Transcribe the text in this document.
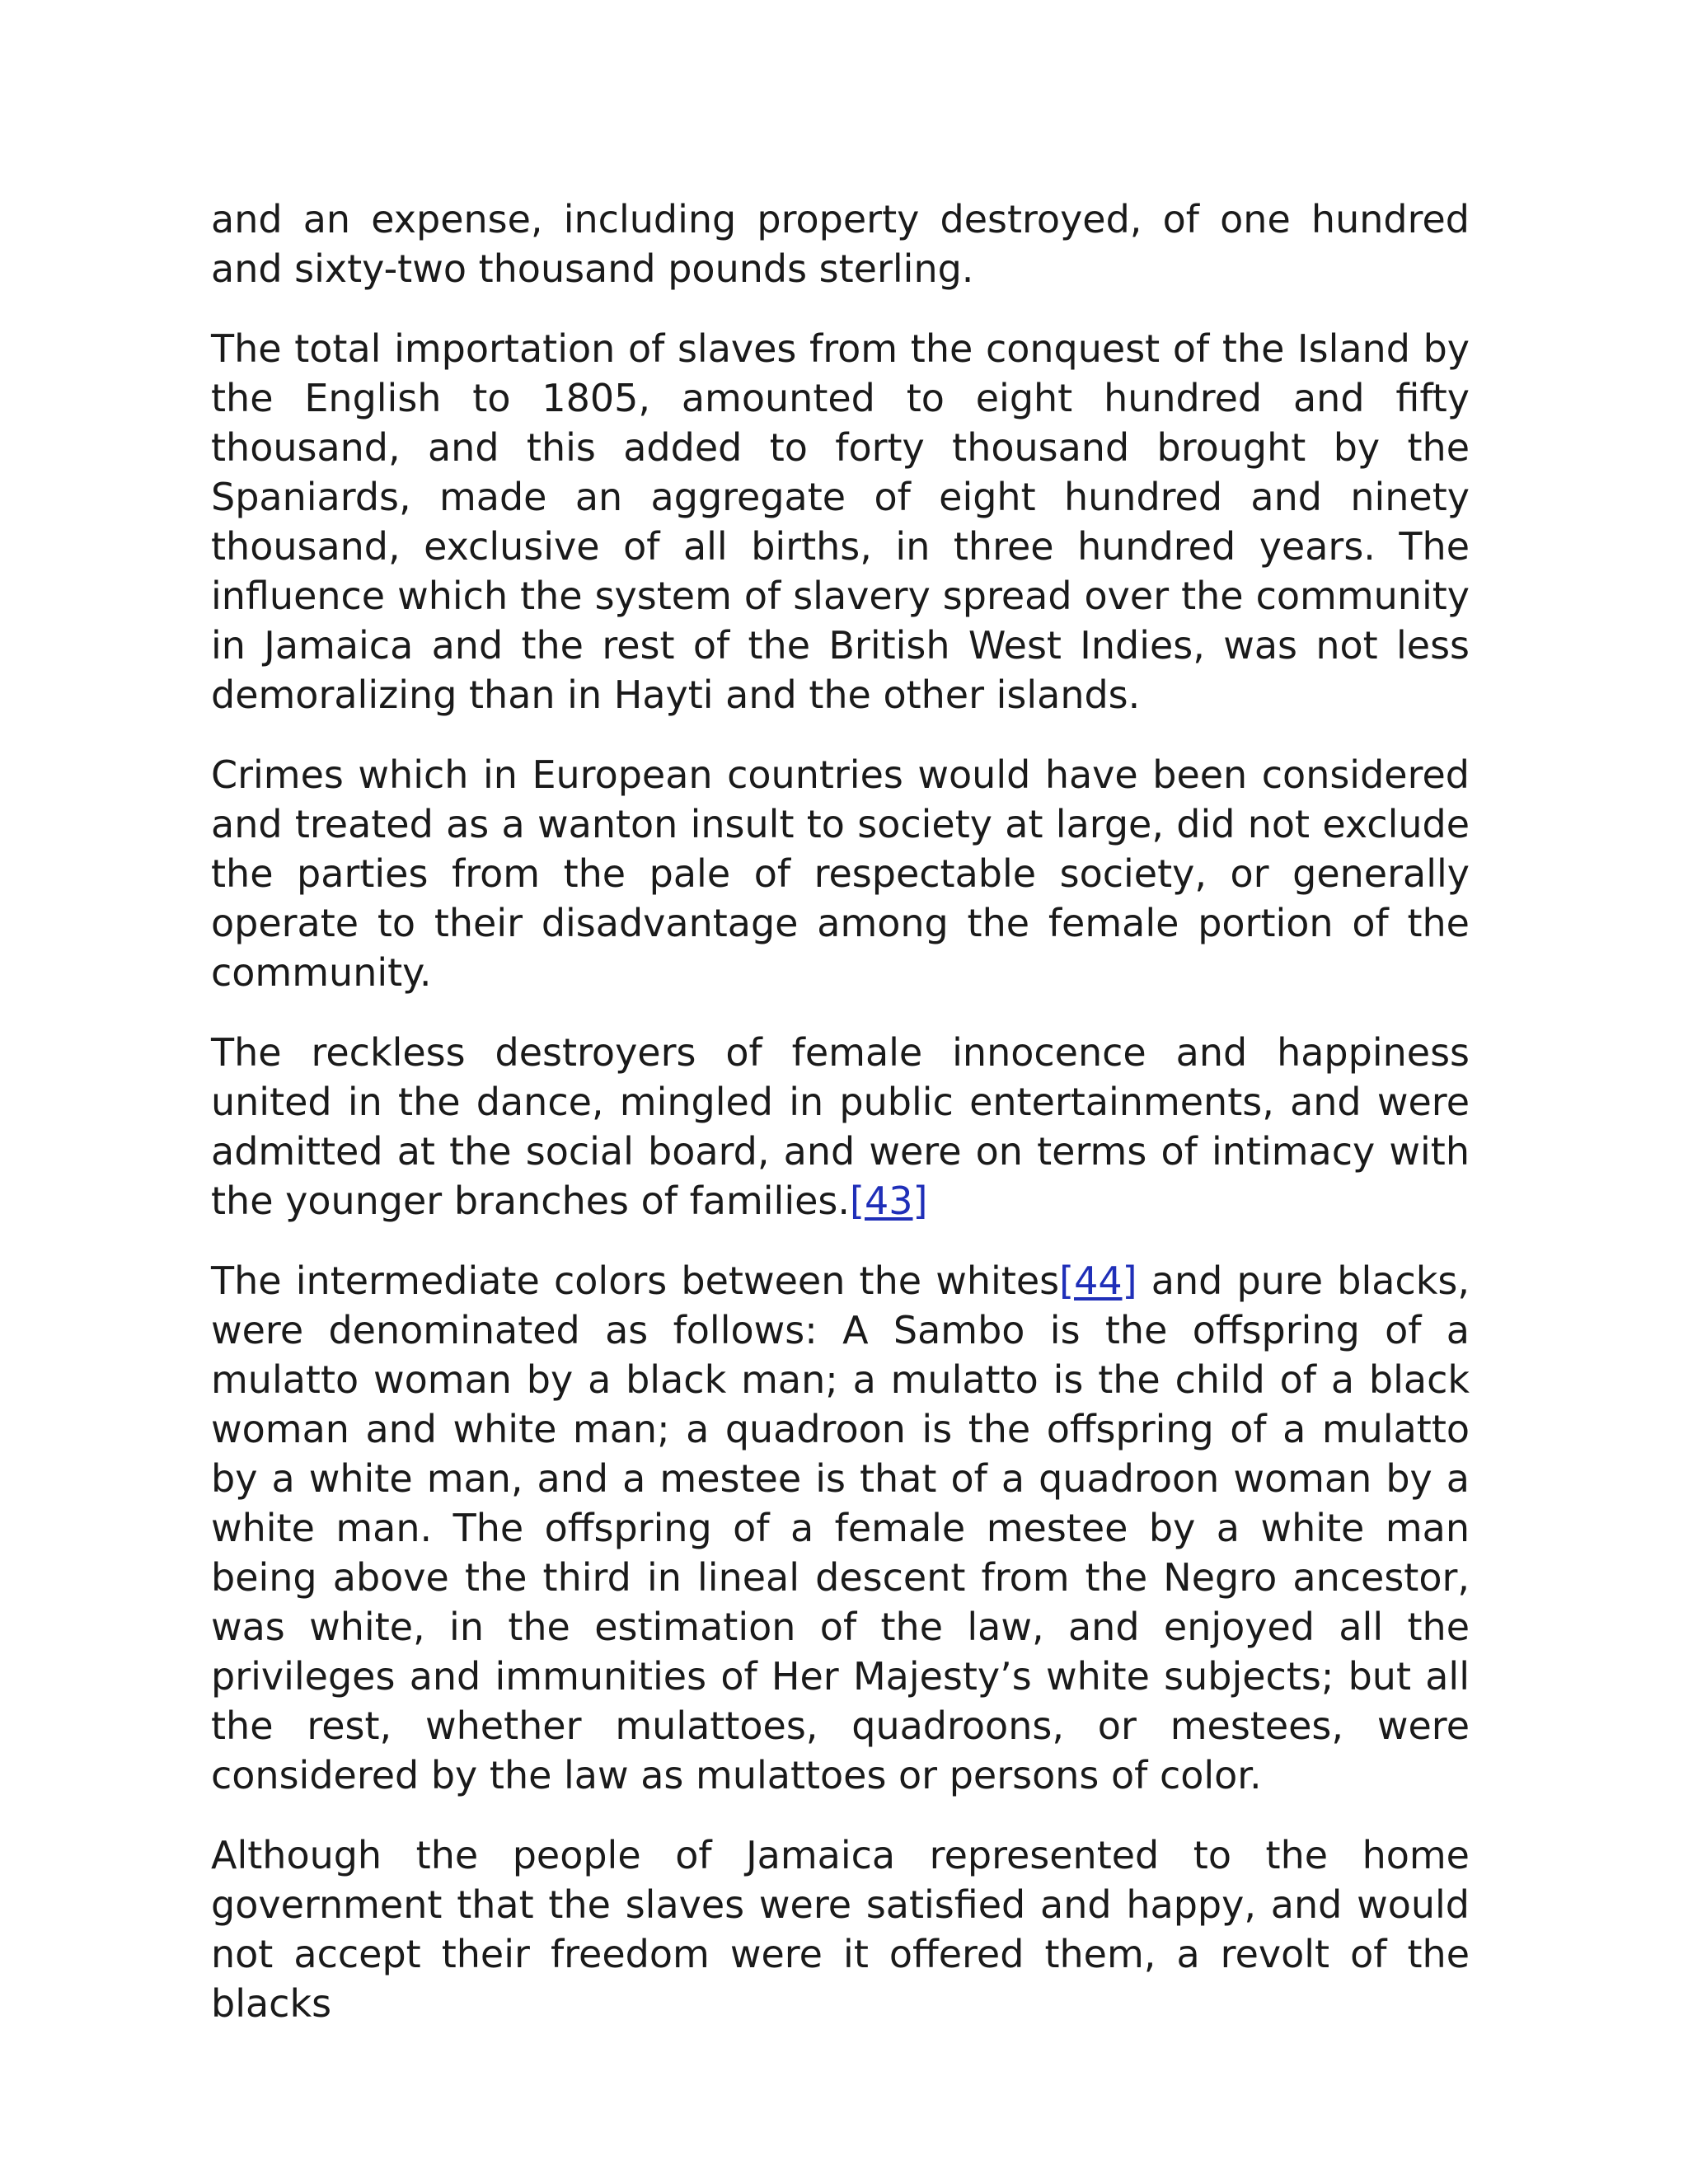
and an expense, including property destroyed, of one hundred and sixty-two thousand pounds sterling.

The total importation of slaves from the conquest of the Island by the English to 1805, amounted to eight hundred and fifty thousand, and this added to forty thousand brought by the Spaniards, made an aggregate of eight hundred and ninety thousand, exclusive of all births, in three hundred years. The influence which the system of slavery spread over the community in Jamaica and the rest of the British West Indies, was not less demoralizing than in Hayti and the other islands.

Crimes which in European countries would have been considered and treated as a wanton insult to society at large, did not exclude the parties from the pale of respectable society, or generally operate to their disadvantage among the female portion of the community.

The reckless destroyers of female innocence and happiness united in the dance, mingled in public entertainments, and were admitted at the social board, and were on terms of intimacy with the younger branches of families.[43]

The intermediate colors between the whites[44] and pure blacks, were denominated as follows: A Sambo is the offspring of a mulatto woman by a black man; a mulatto is the child of a black woman and white man; a quadroon is the offspring of a mulatto by a white man, and a mestee is that of a quadroon woman by a white man. The offspring of a female mestee by a white man being above the third in lineal descent from the Negro ancestor, was white, in the estimation of the law, and enjoyed all the privileges and immunities of Her Majesty’s white subjects; but all the rest, whether mulattoes, quadroons, or mestees, were considered by the law as mulattoes or persons of color.

Although the people of Jamaica represented to the home government that the slaves were satisfied and happy, and would not accept their freedom were it offered them, a revolt of the blacks
